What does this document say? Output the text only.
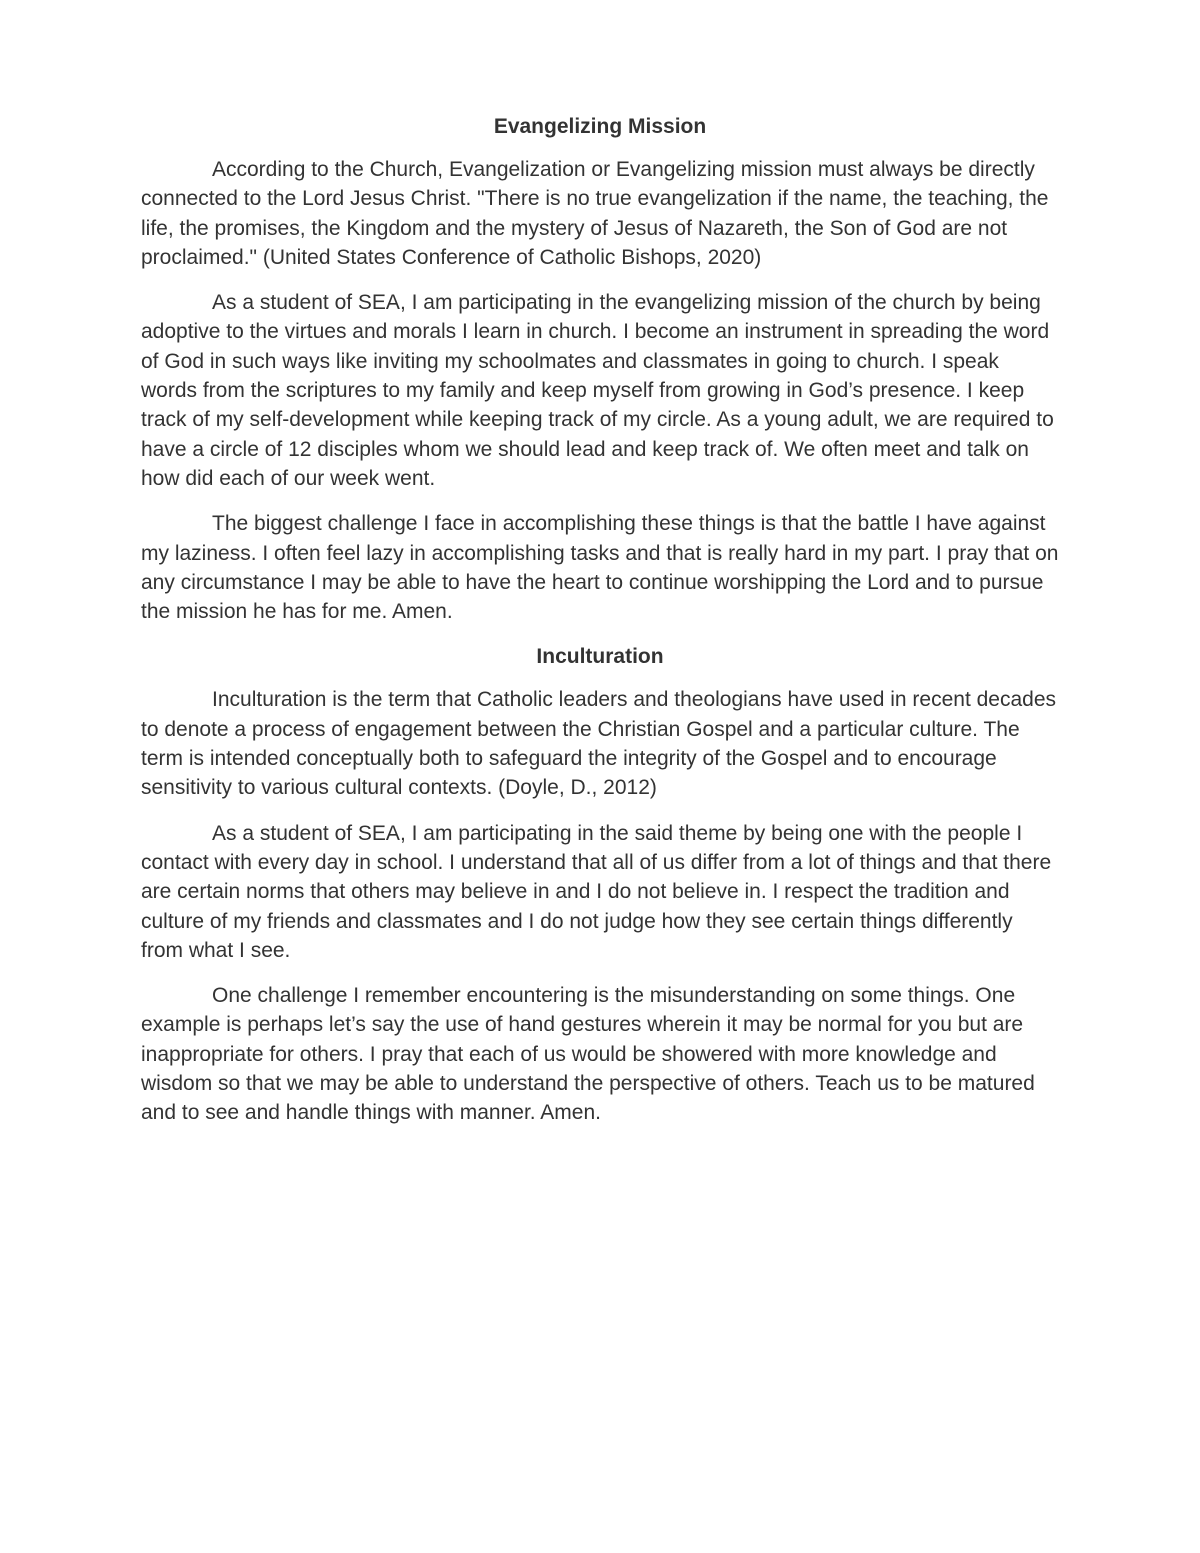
Evangelizing Mission

According to the Church, Evangelization or Evangelizing mission must always be directly connected to the Lord Jesus Christ. "There is no true evangelization if the name, the teaching, the life, the promises, the Kingdom and the mystery of Jesus of Nazareth, the Son of God are not proclaimed." (United States Conference of Catholic Bishops, 2020)

As a student of SEA, I am participating in the evangelizing mission of the church by being adoptive to the virtues and morals I learn in church. I become an instrument in spreading the word of God in such ways like inviting my schoolmates and classmates in going to church. I speak words from the scriptures to my family and keep myself from growing in God’s presence. I keep track of my self-development while keeping track of my circle. As a young adult, we are required to have a circle of 12 disciples whom we should lead and keep track of. We often meet and talk on how did each of our week went.

The biggest challenge I face in accomplishing these things is that the battle I have against my laziness. I often feel lazy in accomplishing tasks and that is really hard in my part. I pray that on any circumstance I may be able to have the heart to continue worshipping the Lord and to pursue the mission he has for me. Amen.

Inculturation

Inculturation is the term that Catholic leaders and theologians have used in recent decades to denote a process of engagement between the Christian Gospel and a particular culture. The term is intended conceptually both to safeguard the integrity of the Gospel and to encourage sensitivity to various cultural contexts. (Doyle, D., 2012)

As a student of SEA, I am participating in the said theme by being one with the people I contact with every day in school. I understand that all of us differ from a lot of things and that there are certain norms that others may believe in and I do not believe in. I respect the tradition and culture of my friends and classmates and I do not judge how they see certain things differently from what I see.

One challenge I remember encountering is the misunderstanding on some things. One example is perhaps let’s say the use of hand gestures wherein it may be normal for you but are inappropriate for others. I pray that each of us would be showered with more knowledge and wisdom so that we may be able to understand the perspective of others. Teach us to be matured and to see and handle things with manner. Amen.
